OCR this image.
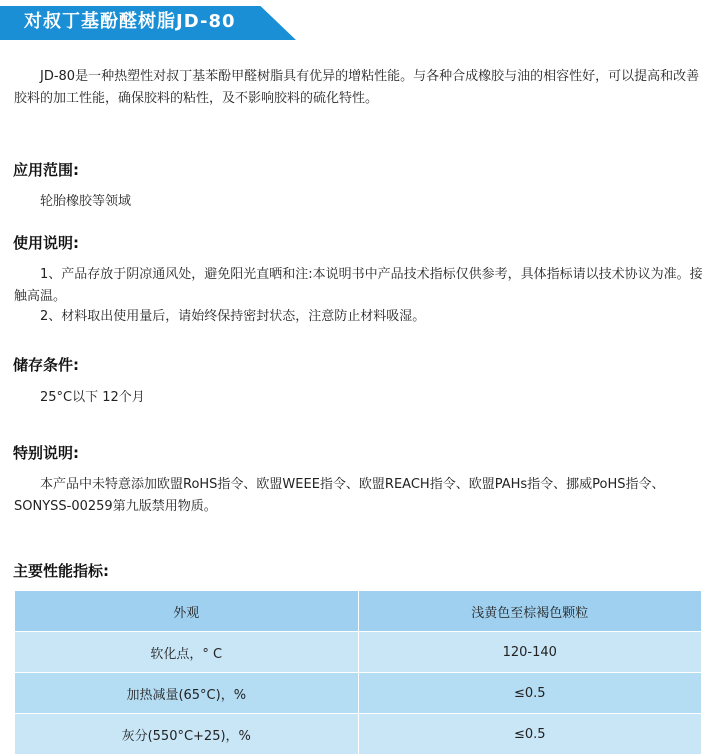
对叔丁基酚醛树脂JD-80
JD-80是一种热塑性对叔丁基苯酚甲醛树脂具有优异的增粘性能。与各种合成橡胶与油的相容性好，可以提高和改善胶料的加工性能，确保胶料的粘性，及不影响胶料的硫化特性。
应用范围:
轮胎橡胶等领域
使用说明:
1、产品存放于阴凉通风处，避免阳光直晒和注:本说明书中产品技术指标仅供参考，具体指标请以技术协议为准。接触高温。
2、材料取出使用量后，请始终保持密封状态，注意防止材料吸湿。
储存条件:
25°C以下 12个月
特别说明:
本产品中未特意添加欧盟RoHS指令、欧盟WEEE指令、欧盟REACH指令、欧盟PAHs指令、挪威PoHS指令、SONYSS-00259第九版禁用物质。
主要性能指标:
外观	浅黄色至棕褐色颗粒
软化点，° C	120-140
加热减量(65°C)，%	≤0.5
灰分(550°C+25)，%	≤0.5
